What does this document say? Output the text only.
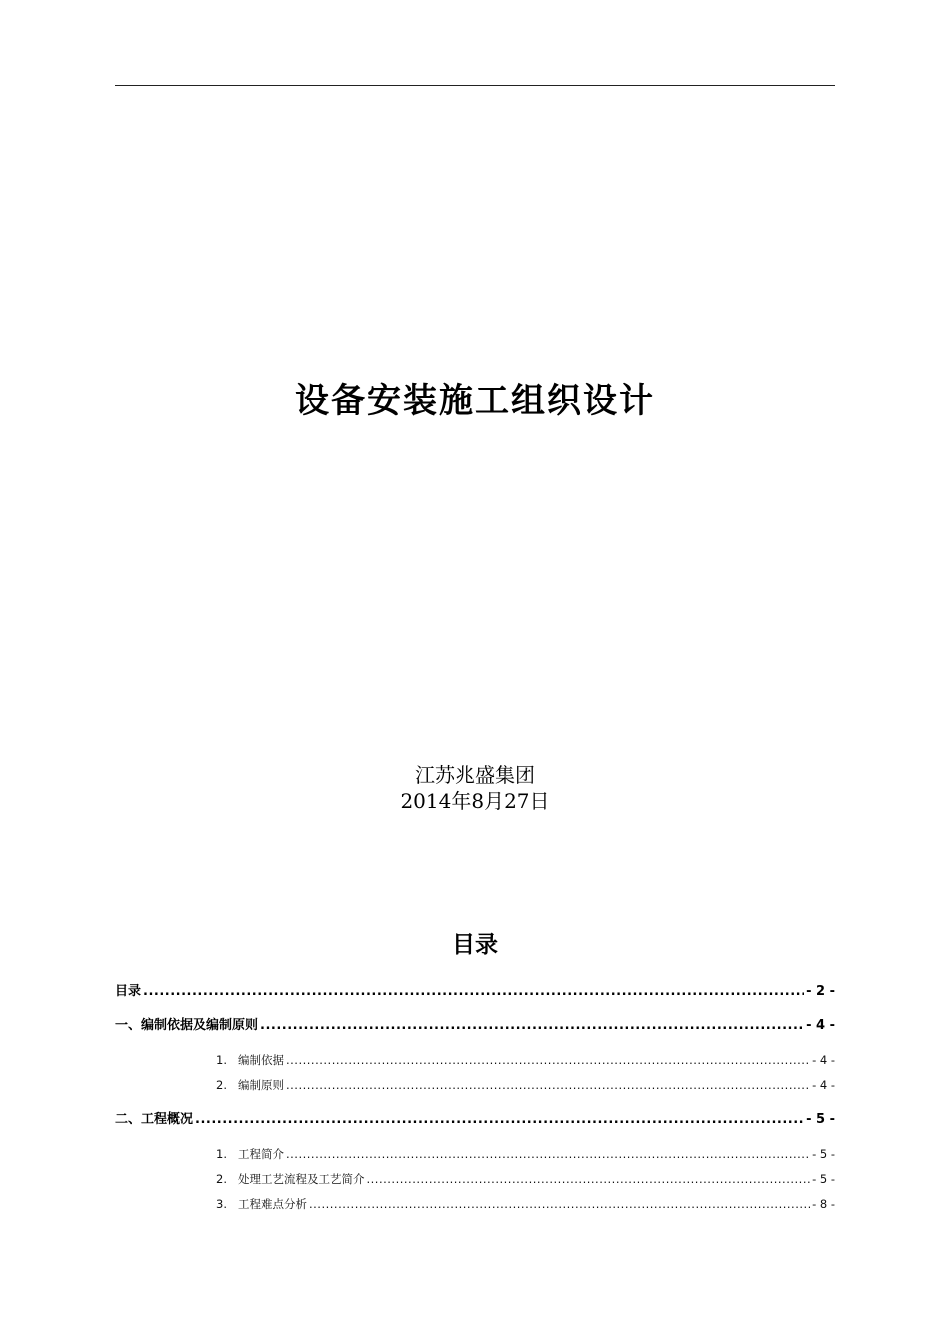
设备安装施工组织设计
江苏兆盛集团
2014年8月27日
目录
目录 .....	- 2 -
一、编制依据及编制原则 .....	- 4 -
1. 编制依据 .....	- 4 -
2. 编制原则 .....	- 4 -
二、工程概况 .....	- 5 -
1. 工程简介 .....	- 5 -
2. 处理工艺流程及工艺简介 .....	- 5 -
3. 工程难点分析 .....	- 8 -
